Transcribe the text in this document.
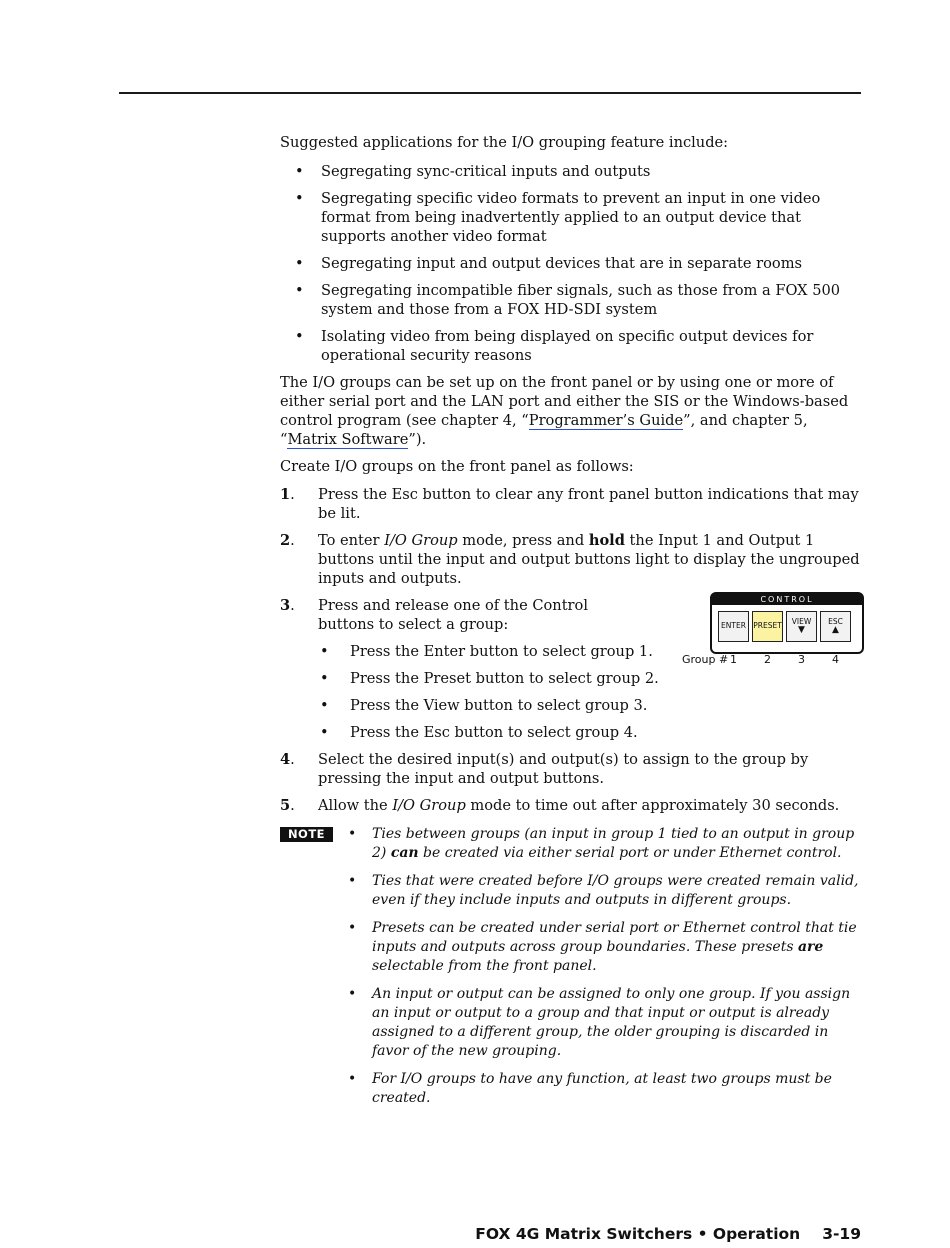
Suggested applications for the I/O grouping feature include:

• Segregating sync-critical inputs and outputs
• Segregating specific video formats to prevent an input in one video format from being inadvertently applied to an output device that supports another video format
• Segregating input and output devices that are in separate rooms
• Segregating incompatible fiber signals, such as those from a FOX 500 system and those from a FOX HD-SDI system
• Isolating video from being displayed on specific output devices for operational security reasons

The I/O groups can be set up on the front panel or by using one or more of either serial port and the LAN port and either the SIS or the Windows-based control program (see chapter 4, “Programmer’s Guide”, and chapter 5, “Matrix Software”).

Create I/O groups on the front panel as follows:

1. Press the Esc button to clear any front panel button indications that may be lit.
2. To enter I/O Group mode, press and hold the Input 1 and Output 1 buttons until the input and output buttons light to display the ungrouped inputs and outputs.
3. Press and release one of the Control buttons to select a group:
• Press the Enter button to select group 1.
• Press the Preset button to select group 2.
• Press the View button to select group 3.
• Press the Esc button to select group 4.
CONTROL
ENTER PRESET	VIEW
▼
ESC
▲
Group # 1 2 3 4
4. Select the desired input(s) and output(s) to assign to the group by pressing the input and output buttons.
5. Allow the I/O Group mode to time out after approximately 30 seconds.
NOTE
•	Ties between groups (an input in group 1 tied to an output in group 2) can be created via either serial port or under Ethernet control.
• Ties that were created before I/O groups were created remain valid, even if they include inputs and outputs in different groups.
• Presets can be created under serial port or Ethernet control that tie inputs and outputs across group boundaries. These presets are selectable from the front panel.
• An input or output can be assigned to only one group. If you assign an input or output to a group and that input or output is already assigned to a different group, the older grouping is discarded in favor of the new grouping.
• For I/O groups to have any function, at least two groups must be created.
FOX 4G Matrix Switchers • Operation 3-19
